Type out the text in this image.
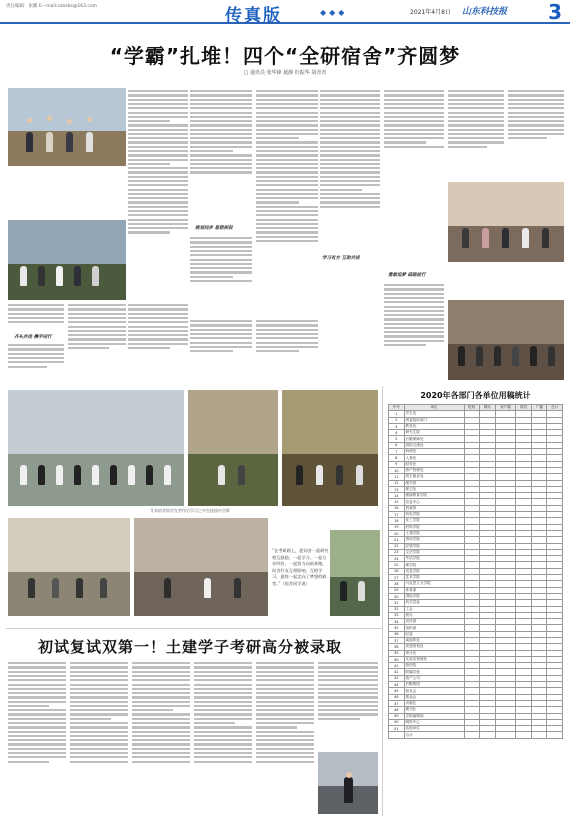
责任编辑：张麒 E—mail:sdxsbs@163.com	传真版	◆◆◆	2021年4月8日 山东科技报 3
“学霸”扎堆！四个“全研宿舍”齐圆梦
□ 通讯员 张华锋 聂静 杜振华 胡青青
规划同步 思想相促
学习有方 互助共进
勇敢追梦 砥砺前行
齐头并进 携手同行
艾米宿舍同学在劳作后学习之中在校园中合影
“在考研路上，愿同舍一起研究相互鼓励，一起学习，一起分享经验，一起努力向前奔跑，同舍好友互相影响、互相学习，最终一起走向了梦想的殿堂。”（宿舍同学说）
2020年各部门各单位用稿统计
序号	单位	报纸	网站	客户端	微信	广播	总计
1	学生处						
2	团委组织部门						
3	教务处						
4	研究生院						
5	后勤保障处						
6	国际交流处						
7	科研处						
8	人事处						
9	财务处						
10	资产管理处						
11	招生就业处						
12	图书馆						
13	保卫处						
14	继续教育学院						
15	信息中心						
16	档案馆						
17	机电学院						
18	化工学院						
19	材料学院						
20	土建学院						
21	资环学院						
22	经管学院						
23	文法学院						
24	外语学院						
25	理学院						
26	信息学院						
27	艺术学院						
28	马克思主义学院						
29	体育部						
30	国际学院						
31	机关党委						
32	工会						
33	校办						
34	宣传部						
35	组织部						
36	纪委						
37	离退休处						
38	发展规划处						
39	审计处						
40	实验室管理处						
41	校医院						
42	附属学校						
43	资产公司						
44	后勤集团						
45	校友会						
46	基金会						
47	出版社						
48	期刊社						
49	学报编辑部						
50	网络中心						
51	其他单位						
	合计						
初试复试双第一！土建学子考研高分被录取
